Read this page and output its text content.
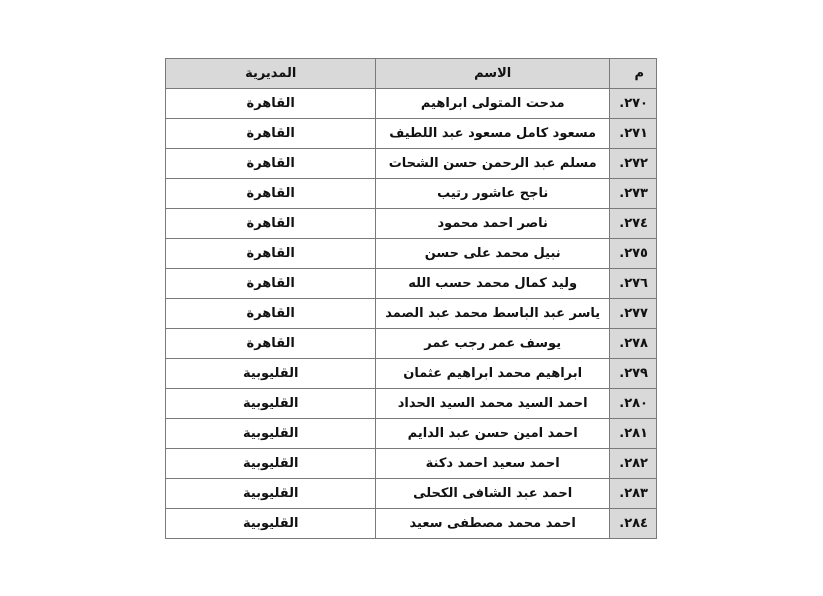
م	الاسم	المديرية
٢٧٠.	مدحت المتولى ابراهيم	القاهرة
٢٧١.	مسعود كامل مسعود عبد اللطيف	القاهرة
٢٧٢.	مسلم عبد الرحمن حسن الشحات	القاهرة
٢٧٣.	ناجح عاشور رتيب	القاهرة
٢٧٤.	ناصر احمد محمود	القاهرة
٢٧٥.	نبيل محمد على حسن	القاهرة
٢٧٦.	وليد كمال محمد حسب الله	القاهرة
٢٧٧.	ياسر عبد الباسط محمد عبد الصمد	القاهرة
٢٧٨.	يوسف عمر رجب عمر	القاهرة
٢٧٩.	ابراهيم محمد ابراهيم عثمان	القليوبية
٢٨٠.	احمد السيد محمد السيد الحداد	القليوبية
٢٨١.	احمد امين حسن عبد الدايم	القليوبية
٢٨٢.	احمد سعيد احمد دكنة	القليوبية
٢٨٣.	احمد عبد الشافى الكحلى	القليوبية
٢٨٤.	احمد محمد مصطفى سعيد	القليوبية
